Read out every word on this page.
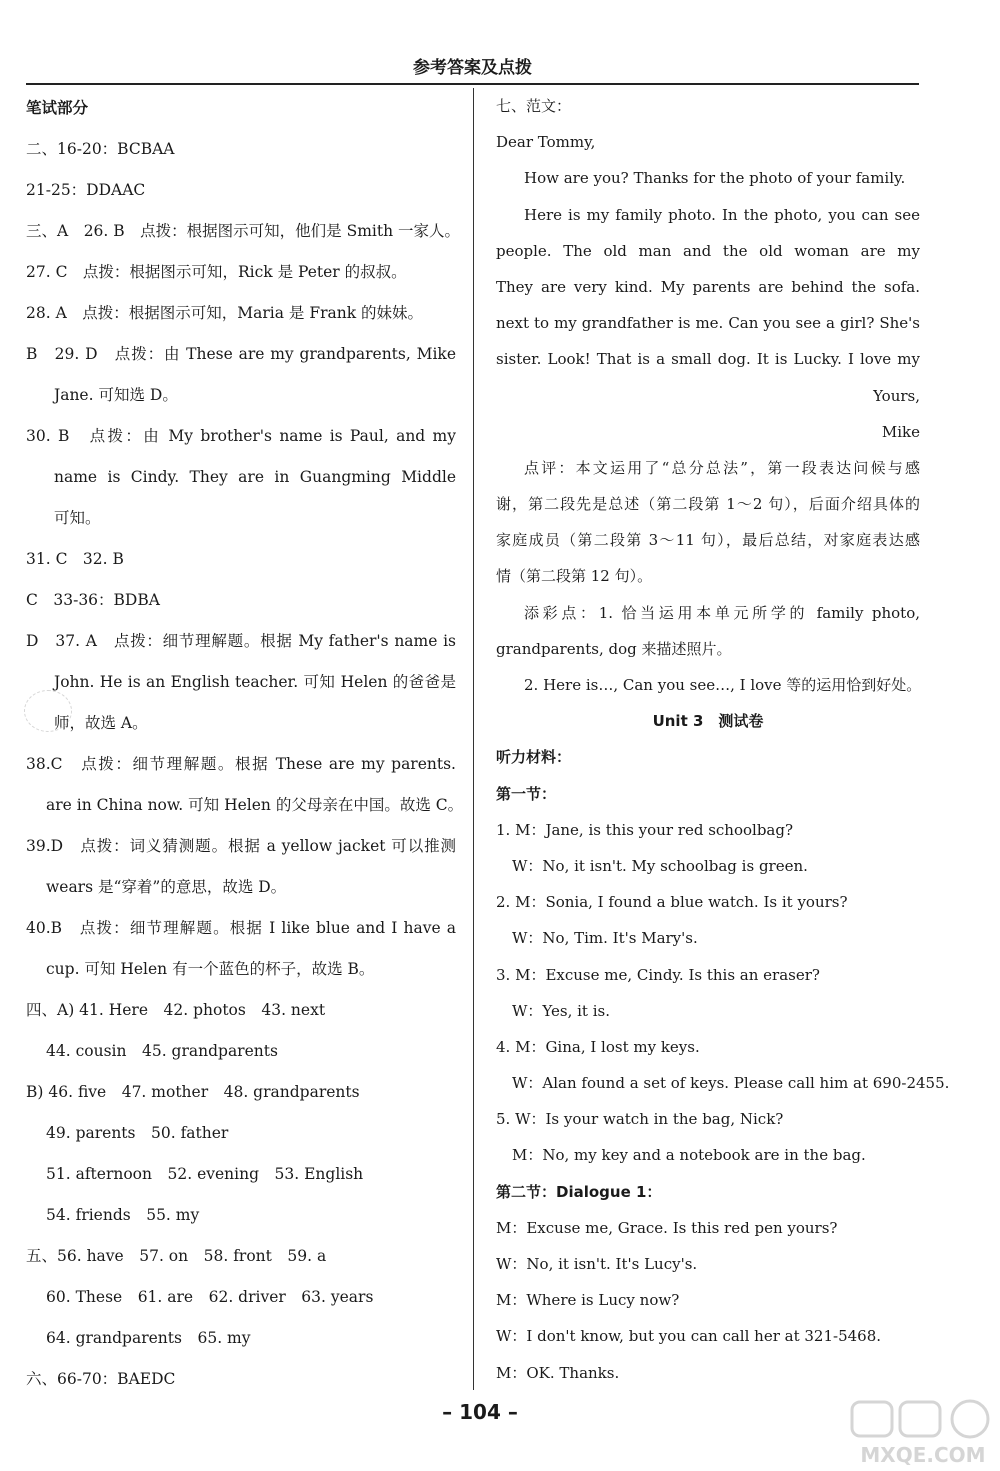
参考答案及点拨
笔试部分
二、16-20：BCBAA
21-25：DDAAC
三、A　26. B　点拨：根据图示可知，他们是 Smith 一家人。
27. C　点拨：根据图示可知，Rick 是 Peter 的叔叔。
28. A　点拨：根据图示可知，Maria 是 Frank 的妹妹。
B　29. D　点拨：由 These are my grandparents, Mike
Jane. 可知选 D。
30. B　点拨：由 My brother's name is Paul, and my
name is Cindy. They are in Guangming Middle
可知。
31. C　32. B
C　33-36：BDBA
D　37. A　点拨：细节理解题。根据 My father's name is
John. He is an English teacher. 可知 Helen 的爸爸是
师，故选 A。
38.C　点拨：细节理解题。根据 These are my parents.
are in China now. 可知 Helen 的父母亲在中国。故选 C。
39.D　点拨：词义猜测题。根据 a yellow jacket 可以推测
wears 是“穿着”的意思，故选 D。
40.B　点拨：细节理解题。根据 I like blue and I have a
cup. 可知 Helen 有一个蓝色的杯子，故选 B。
四、A) 41. Here　42. photos　43. next
44. cousin　45. grandparents
B) 46. five　47. mother　48. grandparents
49. parents　50. father
51. afternoon　52. evening　53. English
54. friends　55. my
五、56. have　57. on　58. front　59. a
60. These　61. are　62. driver　63. years
64. grandparents　65. my
六、66-70：BAEDC
七、范文：
Dear Tommy,
How are you? Thanks for the photo of your family.
Here is my family photo. In the photo, you can see
people. The old man and the old woman are my
They are very kind. My parents are behind the sofa.
next to my grandfather is me. Can you see a girl? She's
sister. Look! That is a small dog. It is Lucky. I love my
Yours,
Mike
点评：本文运用了“总分总法”，第一段表达问候与感
谢，第二段先是总述（第二段第 1～2 句），后面介绍具体的
家庭成员（第二段第 3～11 句），最后总结，对家庭表达感
情（第二段第 12 句）。
添彩点：1. 恰当运用本单元所学的 family photo,
grandparents, dog 来描述照片。
2. Here is…, Can you see…, I love 等的运用恰到好处。
Unit 3　测试卷
听力材料：
第一节：
1. M：Jane, is this your red schoolbag?
W：No, it isn't. My schoolbag is green.
2. M：Sonia, I found a blue watch. Is it yours?
W：No, Tim. It's Mary's.
3. M：Excuse me, Cindy. Is this an eraser?
W：Yes, it is.
4. M：Gina, I lost my keys.
W：Alan found a set of keys. Please call him at 690-2455.
5. W：Is your watch in the bag, Nick?
M：No, my key and a notebook are in the bag.
第二节：Dialogue 1：
M：Excuse me, Grace. Is this red pen yours?
W：No, it isn't. It's Lucy's.
M：Where is Lucy now?
W：I don't know, but you can call her at 321-5468.
M：OK. Thanks.
– 104 –
MXQE.COM
